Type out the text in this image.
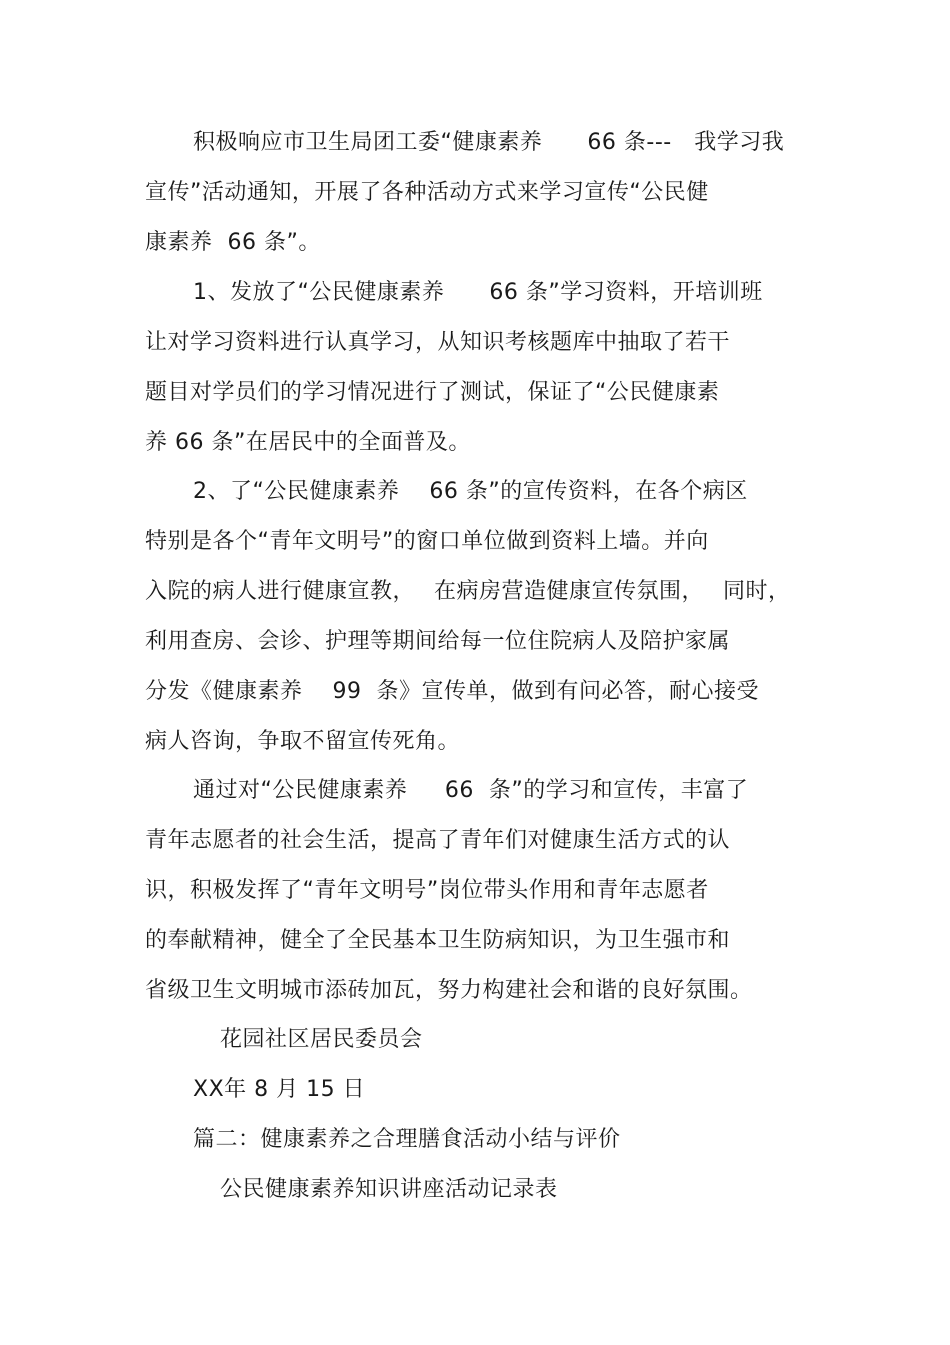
积极响应市卫生局团工委“健康素养　　66 条---　我学习我
宣传”活动通知，开展了各种活动方式来学习宣传“公民健
康素养  66 条”。
1、发放了“公民健康素养　　66 条”学习资料，开培训班
让对学习资料进行认真学习，从知识考核题库中抽取了若干
题目对学员们的学习情况进行了测试，保证了“公民健康素
养 66 条”在居民中的全面普及。
2、了“公民健康素养　 66 条”的宣传资料，在各个病区
特别是各个“青年文明号”的窗口单位做到资料上墙。并向
入院的病人进行健康宣教，　 在病房营造健康宣传氛围，　 同时，
利用查房、会诊、护理等期间给每一位住院病人及陪护家属
分发《健康素养　 99  条》宣传单，做到有问必答，耐心接受
病人咨询，争取不留宣传死角。
通过对“公民健康素养　  66  条”的学习和宣传，丰富了
青年志愿者的社会生活，提高了青年们对健康生活方式的认
识，积极发挥了“青年文明号”岗位带头作用和青年志愿者
的奉献精神，健全了全民基本卫生防病知识，为卫生强市和
省级卫生文明城市添砖加瓦，努力构建社会和谐的良好氛围。
花园社区居民委员会
XX年 8 月 15 日
篇二：健康素养之合理膳食活动小结与评价
公民健康素养知识讲座活动记录表
